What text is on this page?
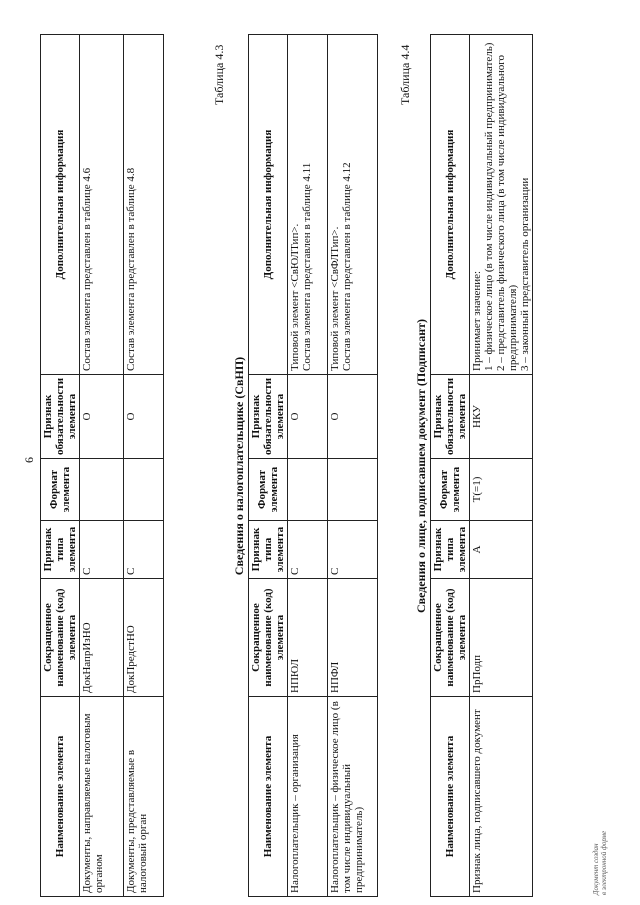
6
Наименование элемента	Сокращенное наименование (код) элемента	Признак типа элемента	Формат элемента	Признак обязательности элемента	Дополнительная информация
Документы, направляемые налоговым органом	ДокНапрИзНО	С		О	Состав элемента представлен в таблице 4.6
Документы, представляемые в налоговый орган	ДокПредстНО	С		О	Состав элемента представлен в таблице 4.8
Таблица 4.3
Сведения о налогоплательщике (СвНП)
Наименование элемента	Сокращенное наименование (код) элемента	Признак типа элемента	Формат элемента	Признак обязательности элемента	Дополнительная информация
Налогоплательщик – организация	НПЮЛ	С		О	Типовой элемент <СвЮЛТип>. Состав элемента представлен в таблице 4.11

Налогоплательщик – физическое лицо (в том числе индивидуальный предприниматель)	НПФЛ	С		О	Типовой элемент <СвФЛТип>. Состав элемента представлен в таблице 4.12
Таблица 4.4
Сведения о лице, подписавшем документ (Подписант)
Наименование элемента	Сокращенное наименование (код) элемента	Признак типа элемента	Формат элемента	Признак обязательности элемента	Дополнительная информация
Признак лица, подписавшего документ	ПрПодп	А	T(=1)	НКУ	Принимает значение: 1 – физическое лицо (в том числе индивидуальный предприниматель) 2 – представитель физического лица (в том числе индивидуального предпринимателя) 3 – законный представитель организации
Документ создан в электронной форме
